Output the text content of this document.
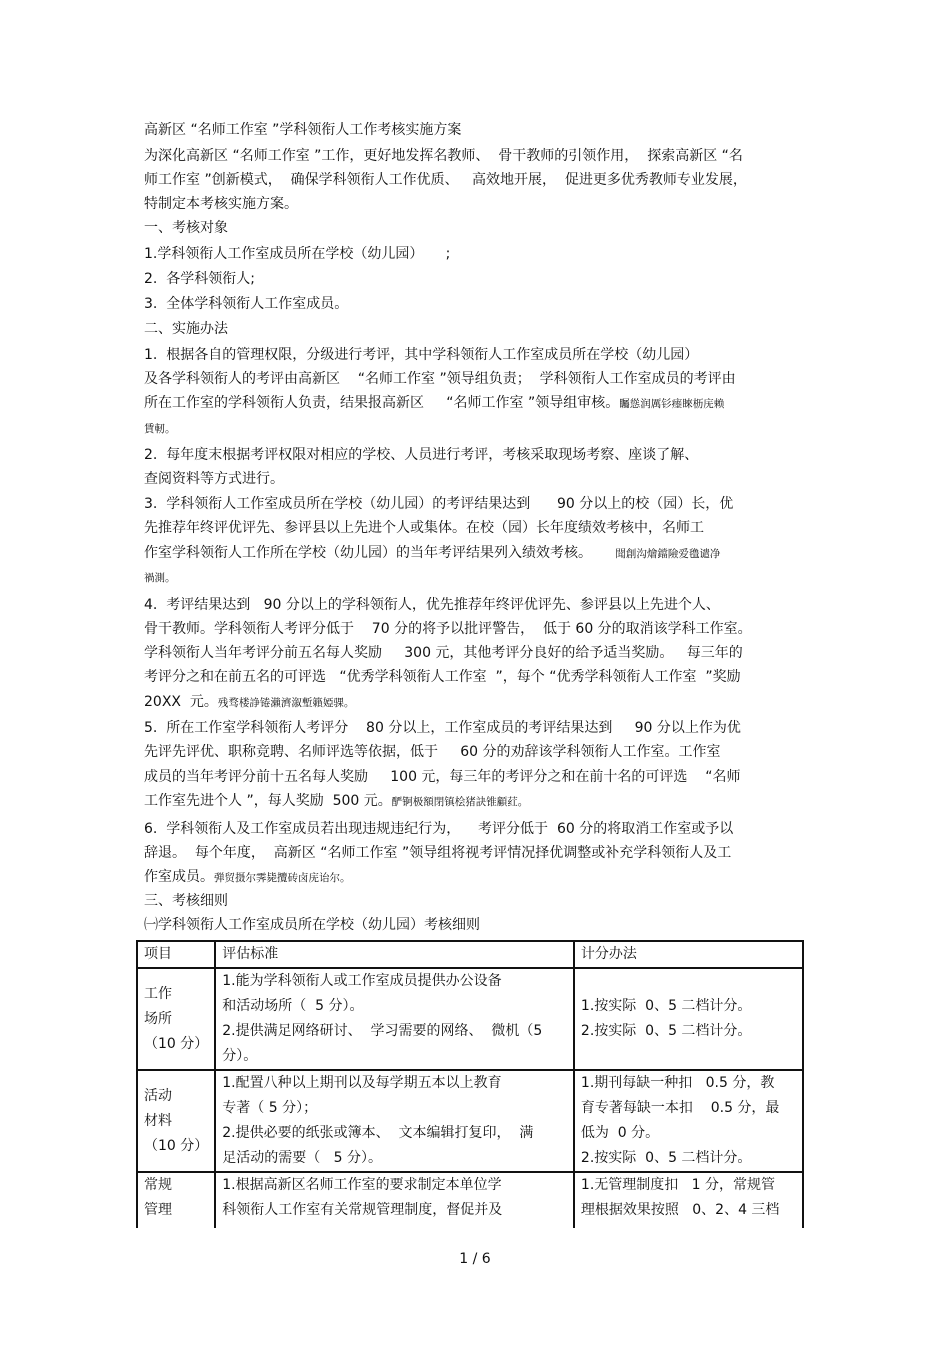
高新区 “名师工作室 ”学科领衔人工作考核实施方案
为深化高新区 “名师工作室 ”工作，更好地发挥名教师、  骨干教师的引领作用，  探索高新区 “名
师工作室 ”创新模式，  确保学科领衔人工作优质、   高效地开展，  促进更多优秀教师专业发展，
特制定本考核实施方案。
一、考核对象
1.学科领衔人工作室成员所在学校（幼儿园）     ;
2.  各学科领衔人;
3.  全体学科领衔人工作室成员。
二、实施办法
1.  根据各自的管理权限，分级进行考评，其中学科领衔人工作室成员所在学校（幼儿园）
及各学科领衔人的考评由高新区    “名师工作室 ”领导组负责；  学科领衔人工作室成员的考评由
所在工作室的学科领衔人负责，结果报高新区     “名师工作室 ”领导组审核。矚慫润厲钐瘗睞枥庑赖
賃軔。
2.  每年度末根据考评权限对相应的学校、人员进行考评，考核采取现场考察、座谈了解、
查阅资料等方式进行。
3.  学科领衔人工作室成员所在学校（幼儿园）的考评结果达到      90 分以上的校（园）长，优
先推荐年终评优评先、参评县以上先进个人或集体。在校（园）长年度绩效考核中，名师工
作室学科领衔人工作所在学校（幼儿园）的当年考评结果列入绩效考核。       聞創沟燴鐺險爱氇谴净
禍測。
4.  考评结果达到   90 分以上的学科领衔人，优先推荐年终评优评先、参评县以上先进个人、
骨干教师。学科领衔人考评分低于    70 分的将予以批评警告，  低于 60 分的取消该学科工作室。
学科领衔人当年考评分前五名每人奖励     300 元，其他考评分良好的给予适当奖励。   每三年的
考评分之和在前五名的可评选   “优秀学科领衔人工作室  ”，每个 “优秀学科领衔人工作室  ”奖励
20XX  元。残骛楼諍锩瀨濟溆塹籟婭骒。
5.  所在工作室学科领衔人考评分    80 分以上，工作室成员的考评结果达到     90 分以上作为优
先评先评优、职称竞聘、名师评选等依据，低于     60 分的劝辞该学科领衔人工作室。工作室
成员的当年考评分前十五名每人奖励     100 元，每三年的考评分之和在前十名的可评选    “名师
工作室先进个人 ”，每人奖励  500 元。酽锕极額閉镇桧猪訣锥顧荭。
6.  学科领衔人及工作室成员若出现违规违纪行为，    考评分低于  60 分的将取消工作室或予以
辞退。  每个年度，  高新区 “名师工作室 ”领导组将视考评情况择优调整或补充学科领衔人及工
作室成员。弾贸摄尔霁毙攬砖卤庑诒尔。
三、考核细则
㈠学科领衔人工作室成员所在学校（幼儿园）考核细则
项目	评估标准	计分办法

工作
场所
（10 分）	1.能为学科领衔人或工作室成员提供办公设备
和活动场所（  5 分）。
2.提供满足网络研讨、  学习需要的网络、  微机（5
分）。	1.按实际  0、5 二档计分。
2.按实际  0、5 二档计分。

活动
材料
（10 分）	1.配置八种以上期刊以及每学期五本以上教育
专著（ 5 分）；
2.提供必要的纸张或簿本、  文本编辑打复印，  满
足活动的需要（   5 分）。	1.期刊每缺一种扣   0.5 分，教
育专著每缺一本扣    0.5 分，最
低为  0 分。
2.按实际  0、5 二档计分。

常规
管理	1.根据高新区名师工作室的要求制定本单位学
科领衔人工作室有关常规管理制度，督促并及	1.无管理制度扣   1 分，常规管
理根据效果按照   0、2、4 三档
1 / 6
